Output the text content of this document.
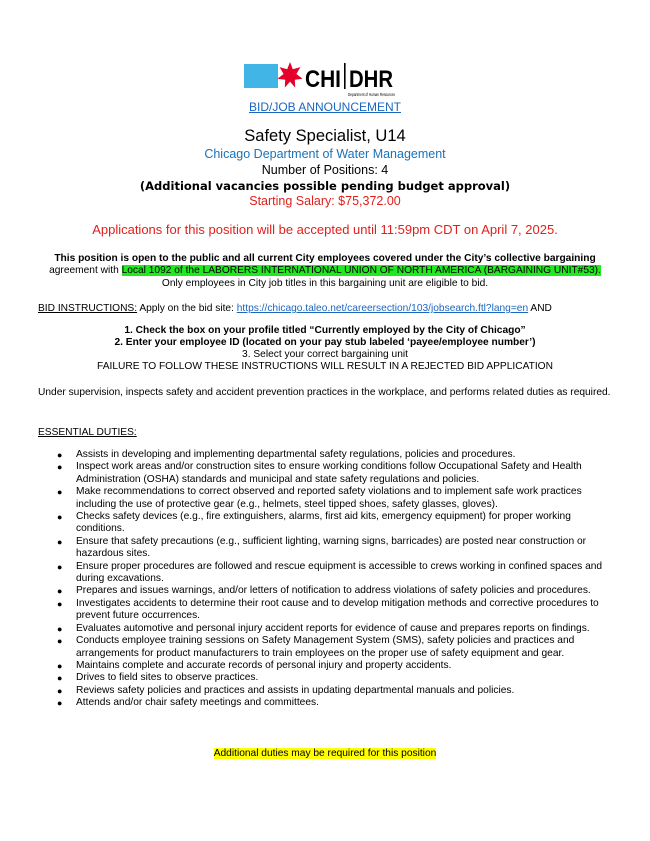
CHI DHR
Department of Human Resources
BID/JOB ANNOUNCEMENT
Safety Specialist, U14
Chicago Department of Water Management
Number of Positions: 4
(Additional vacancies possible pending budget approval)
Starting Salary: $75,372.00
Applications for this position will be accepted until 11:59pm CDT on April 7, 2025.
This position is open to the public and all current City employees covered under the City’s collective bargaining
agreement with Local 1092 of the LABORERS INTERNATIONAL UNION OF NORTH AMERICA (BARGAINING UNIT#53). Only employees in City job titles in this bargaining unit are eligible to bid.
BID INSTRUCTIONS: Apply on the bid site: https://chicago.taleo.net/careersection/103/jobsearch.ftl?lang=en AND
1. Check the box on your profile titled “Currently employed by the City of Chicago”
2. Enter your employee ID (located on your pay stub labeled ‘payee/employee number’)
3. Select your correct bargaining unit
FAILURE TO FOLLOW THESE INSTRUCTIONS WILL RESULT IN A REJECTED BID APPLICATION
Under supervision, inspects safety and accident prevention practices in the workplace, and performs related duties as required.
ESSENTIAL DUTIES:
● Assists in developing and implementing departmental safety regulations, policies and procedures.
● Inspect work areas and/or construction sites to ensure working conditions follow Occupational Safety and Health Administration (OSHA) standards and municipal and state safety regulations and policies.
● Make recommendations to correct observed and reported safety violations and to implement safe work practices including the use of protective gear (e.g., helmets, steel tipped shoes, safety glasses, gloves).
● Checks safety devices (e.g., fire extinguishers, alarms, first aid kits, emergency equipment) for proper working conditions.
● Ensure that safety precautions (e.g., sufficient lighting, warning signs, barricades) are posted near construction or hazardous sites.
● Ensure proper procedures are followed and rescue equipment is accessible to crews working in confined spaces and during excavations.
● Prepares and issues warnings, and/or letters of notification to address violations of safety policies and procedures.
● Investigates accidents to determine their root cause and to develop mitigation methods and corrective procedures to prevent future occurrences.
● Evaluates automotive and personal injury accident reports for evidence of cause and prepares reports on findings.
● Conducts employee training sessions on Safety Management System (SMS), safety policies and practices and arrangements for product manufacturers to train employees on the proper use of safety equipment and gear.
● Maintains complete and accurate records of personal injury and property accidents.
● Drives to field sites to observe practices.
● Reviews safety policies and practices and assists in updating departmental manuals and policies.
● Attends and/or chair safety meetings and committees.
Additional duties may be required for this position
